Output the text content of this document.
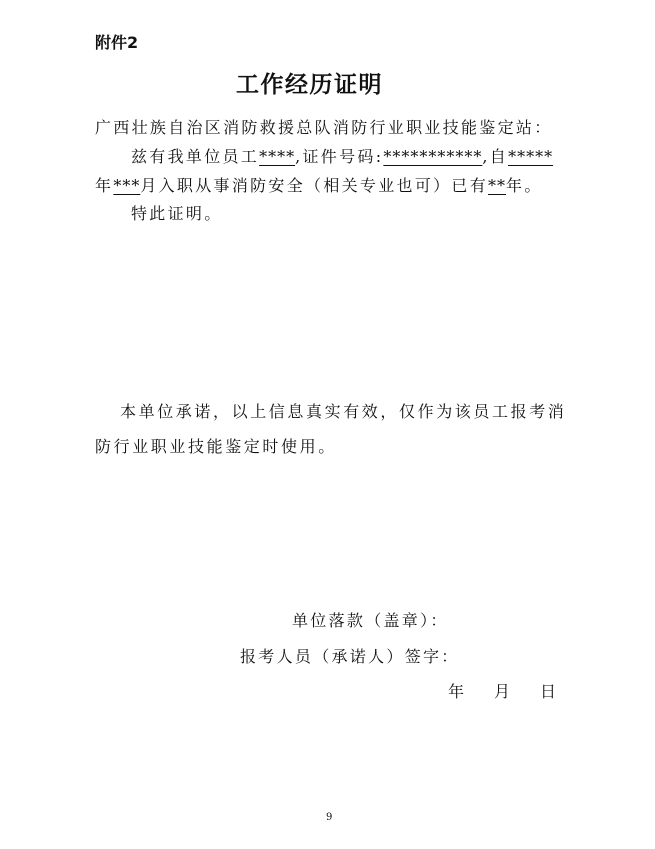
附件2
工作经历证明
广西壮族自治区消防救援总队消防行业职业技能鉴定站：
兹有我单位员工****,证件号码:***********,自*****
年***月入职从事消防安全（相关专业也可）已有**年。
特此证明。
本单位承诺，以上信息真实有效，仅作为该员工报考消
防行业职业技能鉴定时使用。
单位落款（盖章）：
报考人员（承诺人）签字：
年 月 日
9
